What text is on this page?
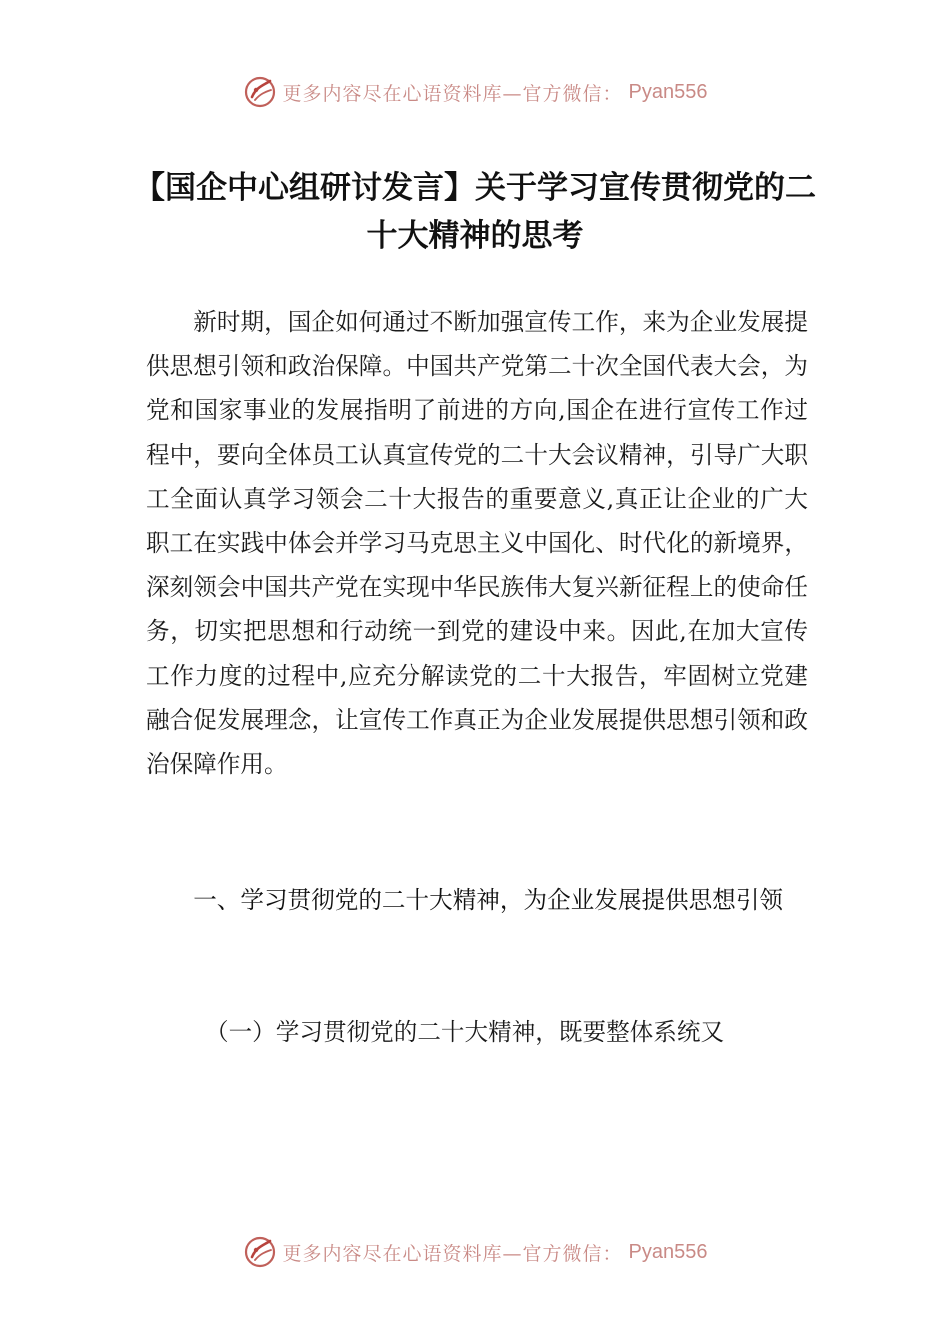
更多内容尽在心语资料库—官方微信： Pyan556
【国企中心组研讨发言】关于学习宣传贯彻党的二十大精神的思考

新时期，国企如何通过不断加强宣传工作，来为企业发展提供思想引领和政治保障。中国共产党第二十次全国代表大会，为党和国家事业的发展指明了前进的方向,国企在进行宣传工作过程中，要向全体员工认真宣传党的二十大会议精神，引导广大职工全面认真学习领会二十大报告的重要意义,真正让企业的广大职工在实践中体会并学习马克思主义中国化、时代化的新境界，深刻领会中国共产党在实现中华民族伟大复兴新征程上的使命任务，切实把思想和行动统一到党的建设中来。因此,在加大宣传工作力度的过程中,应充分解读党的二十大报告，牢固树立党建融合促发展理念，让宣传工作真正为企业发展提供思想引领和政治保障作用。

一、学习贯彻党的二十大精神，为企业发展提供思想引领

（一）学习贯彻党的二十大精神，既要整体系统又

更多内容尽在心语资料库—官方微信： Pyan556
